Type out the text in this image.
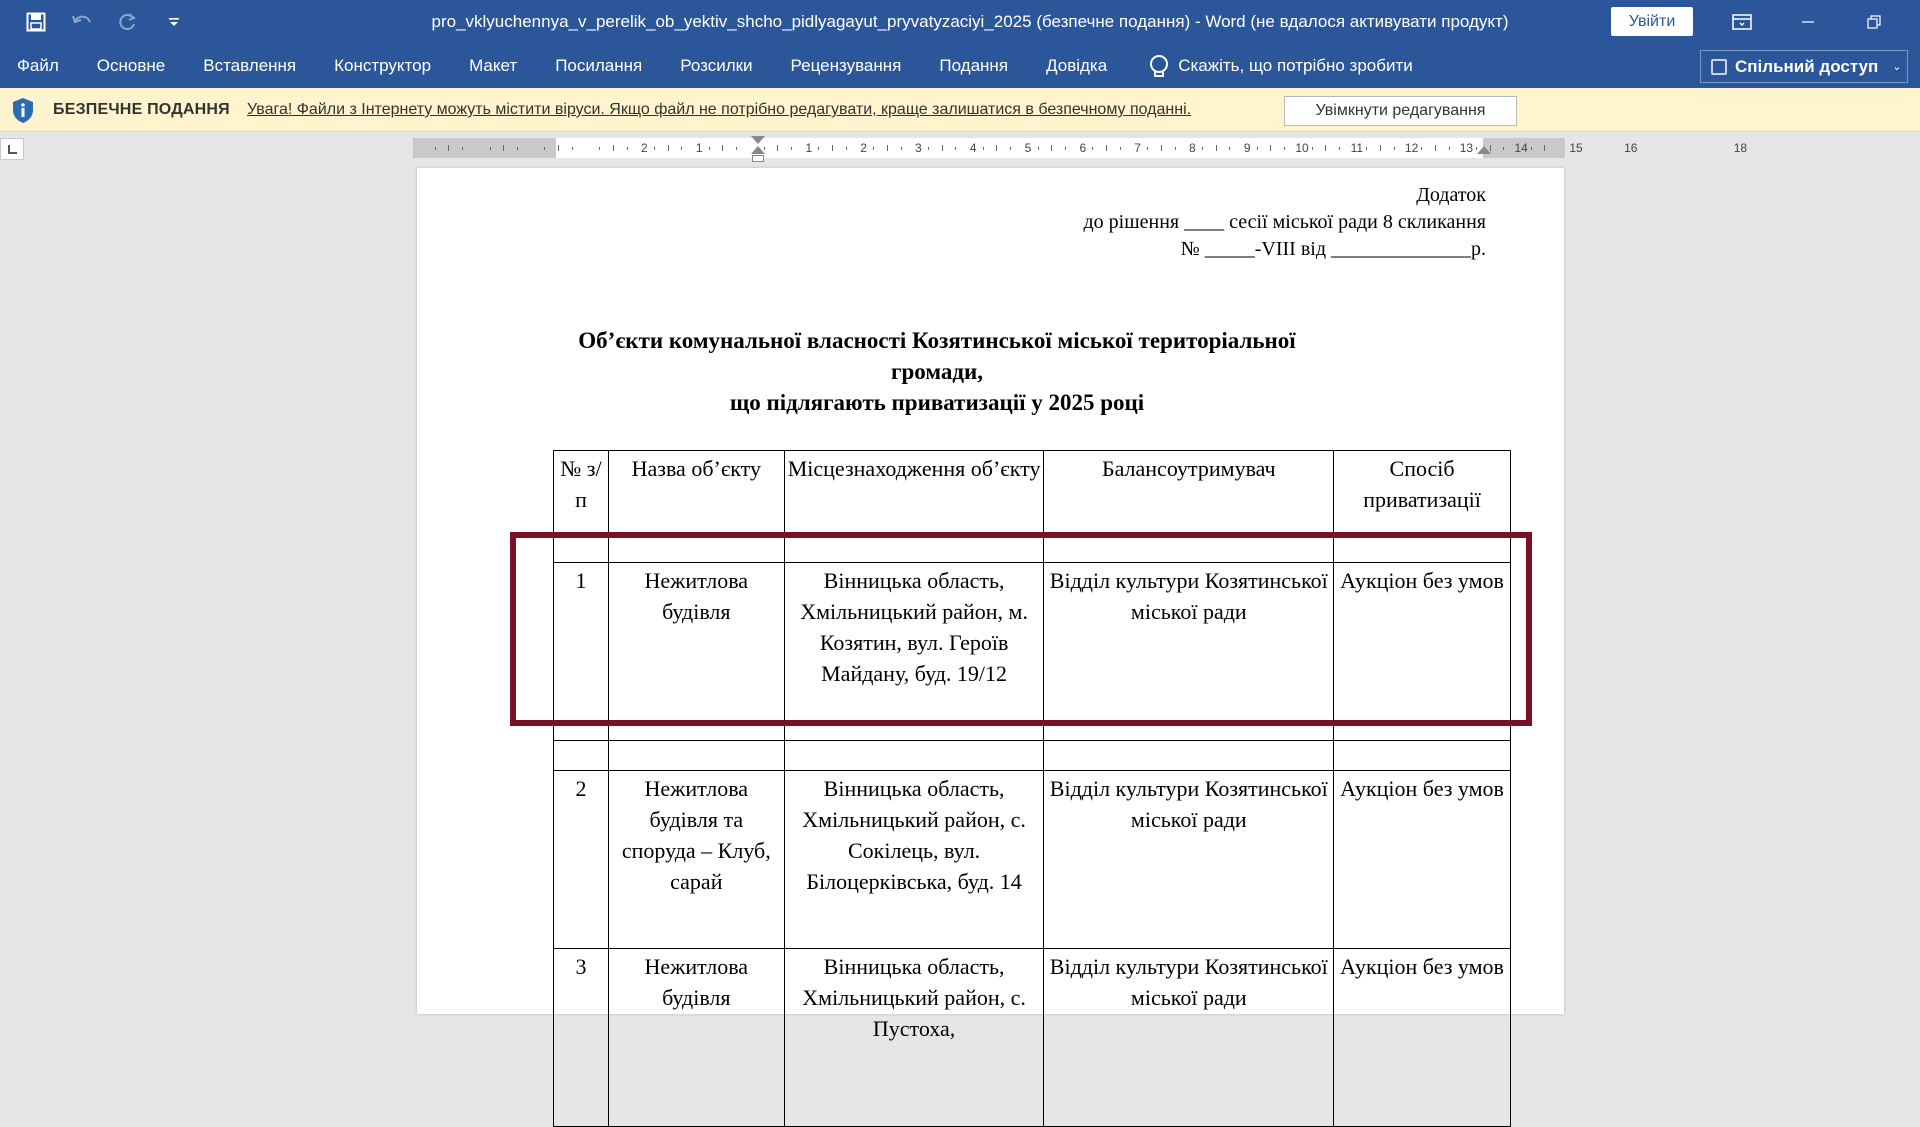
pro_vklyuchennya_v_perelik_ob_yektiv_shcho_pidlyagayut_pryvatyzaciyi_2025 (безпечне подання) - Word (не вдалося активувати продукт)	Увійти
Файл	Основне	Вставлення	Конструктор	Макет	Посилання	Розсилки	Рецензування	Подання	Довідка	Скажіть, що потрібно зробити	Спільний доступ ⌄
БЕЗПЕЧНЕ ПОДАННЯ Увага! Файли з Інтернету можуть містити віруси. Якщо файл не потрібно редагувати, краще залишатися в безпечному поданні.	Увімкнути редагування
2	1	1	2	3	4	5	6	7	8	9	10	11	12	13	14	15	16	18
Додаток
до рішення ____ сесії міської ради 8 скликання
№ _____-VIII від ______________р.
Об’єкти комунальної власності Козятинської міської територіальної громади,
що підлягають приватизації у 2025 році
№ з/п	Назва об’єкту	Місцезнаходження об’єкту	Балансоутримувач	Спосіб приватизації

1	Нежитлова будівля	Вінницька область, Хмільницький район, м. Козятин, вул. Героїв Майдану, буд. 19/12	Відділ культури Козятинської міської ради	Аукціон без умов

2	Нежитлова будівля та споруда – Клуб, сарай	Вінницька область, Хмільницький район, с. Сокілець, вул. Білоцерківська, буд. 14	Відділ культури Козятинської міської ради	Аукціон без умов
3	Нежитлова будівля	Вінницька область, Хмільницький район, с. Пустоха,	Відділ культури Козятинської міської ради	Аукціон без умов
